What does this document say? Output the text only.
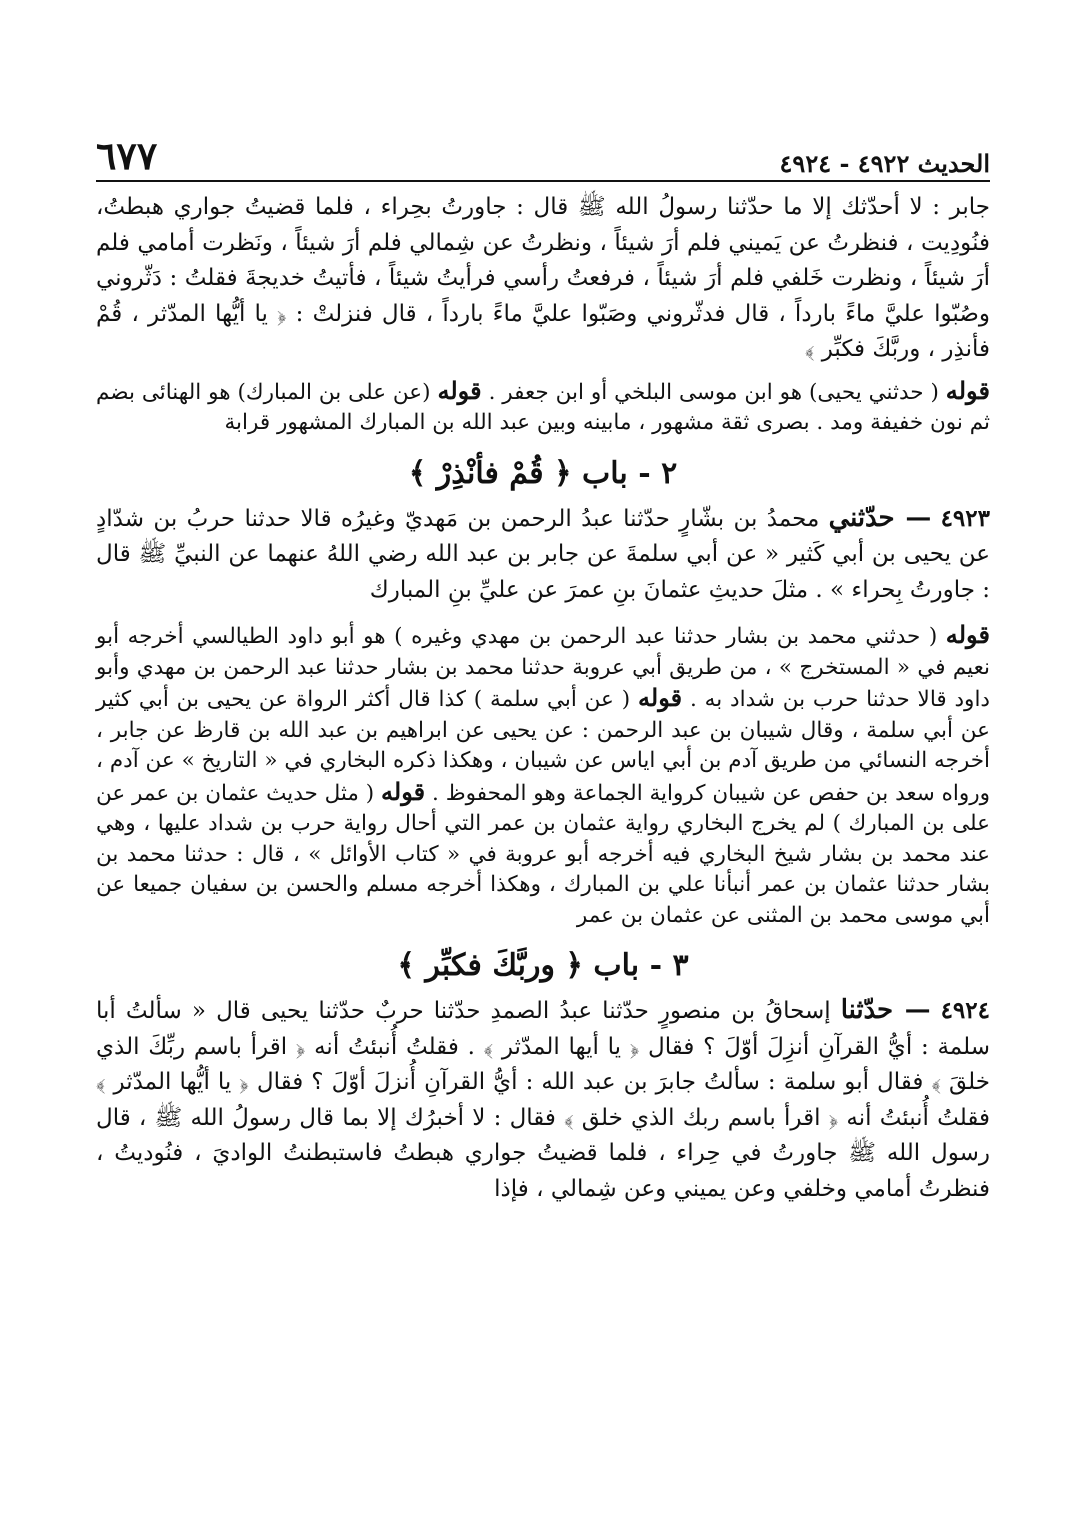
الحديث ٤٩٢٢ - ٤٩٢٤
٦٧٧

جابر : لا أحدّثك إلا ما حدّثنا رسولُ الله ﷺ قال : جاورتُ بحِراء ، فلما قضيتُ جواري هبطتُ، فنُودِيت ، فنظرتُ عن يَميني فلم أرَ شيئاً ، ونظرتُ عن شِمالي فلم أرَ شيئاً ، ونَظرت أمامي فلم أرَ شيئاً ، ونظرت خَلفي فلم أرَ شيئاً ، فرفعتُ رأسي فرأيتُ شيئاً ، فأتيتُ خديجةَ فقلتُ : دَثّروني وصُبّوا عليَّ ماءً بارداً ، قال فدثّروني وصَبّوا عليَّ ماءً بارداً ، قال فنزلتْ : ﴿ يا أيُّها المدّثر ، قُمْ فأنذِر ، وربَّكَ فكبِّر ﴾

قوله ( حدثني يحيى) هو ابن موسى البلخي أو ابن جعفر . قوله (عن على بن المبارك) هو الهنائى بضم ثم نون خفيفة ومد . بصرى ثقة مشهور ، مابينه وبين عبد الله بن المبارك المشهور قرابة

٢ - باب ﴿ قُمْ فأنْذِرْ ﴾

٤٩٢٣ — حدّثني محمدُ بن بشّارٍ حدّثنا عبدُ الرحمن بن مَهديّ وغيرُه قالا حدثنا حربُ بن شدّادٍ عن يحيى بن أبي كَثير « عن أبي سلمةَ عن جابر بن عبد الله رضي اللهُ عنهما عن النبيِّ ﷺ قال : جاورتُ بِحراء » . مثلَ حديثِ عثمانَ بنِ عمرَ عن عليِّ بنِ المبارك

قوله ( حدثني محمد بن بشار حدثنا عبد الرحمن بن مهدي وغيره ) هو أبو داود الطيالسي أخرجه أبو نعيم في « المستخرج » ، من طريق أبي عروبة حدثنا محمد بن بشار حدثنا عبد الرحمن بن مهدي وأبو داود قالا حدثنا حرب بن شداد به . قوله ( عن أبي سلمة ) كذا قال أكثر الرواة عن يحيى بن أبي كثير عن أبي سلمة ، وقال شيبان بن عبد الرحمن : عن يحيى عن ابراهيم بن عبد الله بن قارظ عن جابر ، أخرجه النسائي من طريق آدم بن أبي اياس عن شيبان ، وهكذا ذكره البخاري في « التاريخ » عن آدم ، ورواه سعد بن حفص عن شيبان كرواية الجماعة وهو المحفوظ . قوله ( مثل حديث عثمان بن عمر عن على بن المبارك ) لم يخرج البخاري رواية عثمان بن عمر التي أحال رواية حرب بن شداد عليها ، وهي عند محمد بن بشار شيخ البخاري فيه أخرجه أبو عروبة في « كتاب الأوائل » ، قال : حدثنا محمد بن بشار حدثنا عثمان بن عمر أنبأنا علي بن المبارك ، وهكذا أخرجه مسلم والحسن بن سفيان جميعا عن أبي موسى محمد بن المثنى عن عثمان بن عمر

٣ - باب ﴿ وربَّكَ فكبِّر ﴾

٤٩٢٤ — حدّثنا إسحاقُ بن منصورٍ حدّثنا عبدُ الصمدِ حدّثنا حربٌ حدّثنا يحيى قال « سألتُ أبا سلمة : أيُّ القرآنِ أنزِلَ أوّلَ ؟ فقال ﴿ يا أيها المدّثر ﴾ . فقلتُ أُنبئتُ أنه ﴿ اقرأ باسم ربِّكَ الذي خلقَ ﴾ فقال أبو سلمة : سألتُ جابرَ بن عبد الله : أيُّ القرآنِ أُنزلَ أوّلَ ؟ فقال ﴿ يا أيُّها المدّثر ﴾ فقلتُ أُنبئتُ أنه ﴿ اقرأ باسم ربك الذي خلق ﴾ فقال : لا أخبرُك إلا بما قال رسولُ الله ﷺ ، قال رسول الله ﷺ جاورتُ في حِراء ، فلما قضيتُ جواري هبطتُ فاستبطنتُ الواديَ ، فنُوديتُ ، فنظرتُ أمامي وخلفي وعن يميني وعن شِمالي ، فإذا
